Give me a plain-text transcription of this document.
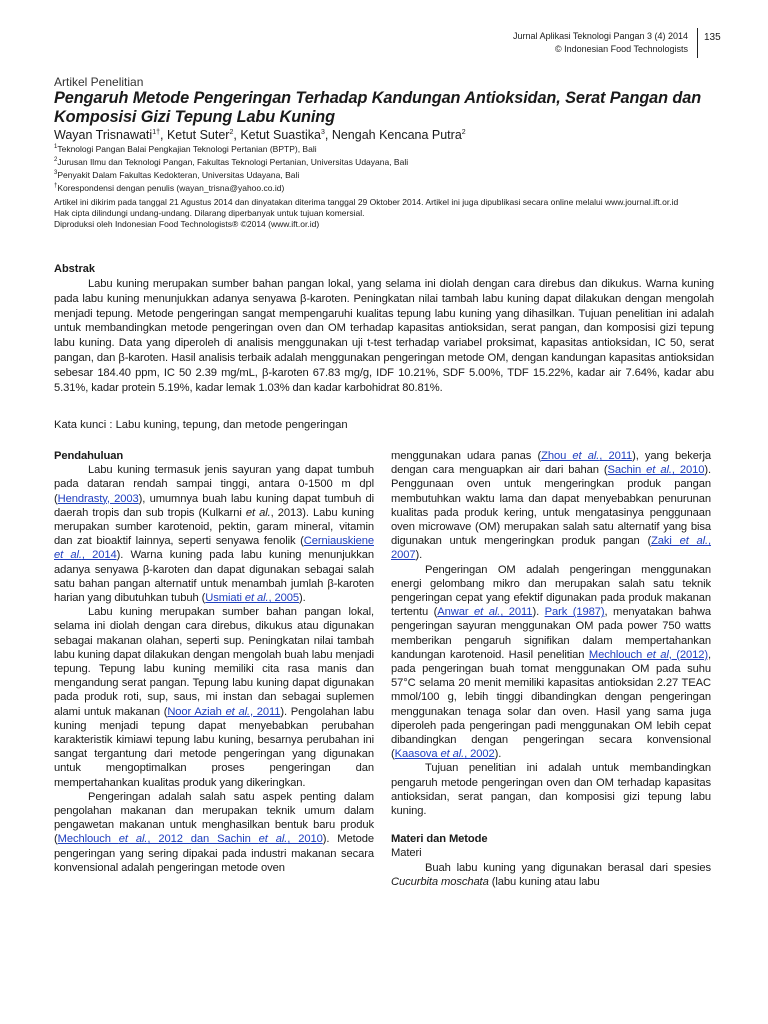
Jurnal Aplikasi Teknologi Pangan 3 (4) 2014
© Indonesian Food Technologists
135
Artikel Penelitian
Pengaruh Metode Pengeringan Terhadap Kandungan Antioksidan, Serat Pangan dan Komposisi Gizi Tepung Labu Kuning
Wayan Trisnawati$^{1\dagger}$, Ketut Suter$^2$, Ketut Suastika$^3$, Nengah Kencana Putra$^2$
$^1$Teknologi Pangan Balai Pengkajian Teknologi Pertanian (BPTP), Bali
$^2$Jurusan Ilmu dan Teknologi Pangan, Fakultas Teknologi Pertanian, Universitas Udayana, Bali
$^3$Penyakit Dalam Fakultas Kedokteran, Universitas Udayana, Bali
†Korespondensi dengan penulis (wayan_trisna@yahoo.co.id)
Artikel ini dikirim pada tanggal 21 Agustus 2014 dan dinyatakan diterima tanggal 29 Oktober 2014. Artikel ini juga dipublikasi secara online melalui www.journal.ift.or.id
Hak cipta dilindungi undang-undang. Dilarang diperbanyak untuk tujuan komersial.
Diproduksi oleh Indonesian Food Technologists® ©2014 (www.ift.or.id)
Abstrak
Labu kuning merupakan sumber bahan pangan lokal, yang selama ini diolah dengan cara direbus dan dikukus. Warna kuning pada labu kuning menunjukkan adanya senyawa β-karoten. Peningkatan nilai tambah labu kuning dapat dilakukan dengan mengolah menjadi tepung. Metode pengeringan sangat mempengaruhi kualitas tepung labu kuning yang dihasilkan. Tujuan penelitian ini adalah untuk membandingkan metode pengeringan oven dan OM terhadap kapasitas antioksidan, serat pangan, dan komposisi gizi tepung labu kuning. Data yang diperoleh di analisis menggunakan uji t-test terhadap variabel proksimat, kapasitas antioksidan, IC 50, serat pangan, dan β-karoten. Hasil analisis terbaik adalah menggunakan pengeringan metode OM, dengan kandungan kapasitas antioksidan sebesar 184.40 ppm, IC 50 2.39 mg/mL, β-karoten 67.83 mg/g, IDF 10.21%, SDF 5.00%, TDF 15.22%, kadar air 7.64%, kadar abu 5.31%, kadar protein 5.19%, kadar lemak 1.03% dan kadar karbohidrat 80.81%.
Kata kunci : Labu kuning, tepung, dan metode pengeringan
Pendahuluan

Labu kuning termasuk jenis sayuran yang dapat tumbuh pada dataran rendah sampai tinggi, antara 0-1500 m dpl (Hendrasty, 2003), umumnya buah labu kuning dapat tumbuh di daerah tropis dan sub tropis (Kulkarni et al., 2013). Labu kuning merupakan sumber karotenoid, pektin, garam mineral, vitamin dan zat bioaktif lainnya, seperti senyawa fenolik (Cerniauskiene et al., 2014). Warna kuning pada labu kuning menunjukkan adanya senyawa β-karoten dan dapat digunakan sebagai salah satu bahan pangan alternatif untuk menambah jumlah β-karoten harian yang dibutuhkan tubuh (Usmiati et al., 2005).

Labu kuning merupakan sumber bahan pangan lokal, selama ini diolah dengan cara direbus, dikukus atau digunakan sebagai makanan olahan, seperti sup. Peningkatan nilai tambah labu kuning dapat dilakukan dengan mengolah buah labu menjadi tepung. Tepung labu kuning memiliki cita rasa manis dan mengandung serat pangan. Tepung labu kuning dapat digunakan pada produk roti, sup, saus, mi instan dan sebagai suplemen alami untuk makanan (Noor Aziah et al., 2011). Pengolahan labu kuning menjadi tepung dapat menyebabkan perubahan karakteristik kimiawi tepung labu kuning, besarnya perubahan ini sangat tergantung dari metode pengeringan yang digunakan untuk mengoptimalkan proses pengeringan dan mempertahankan kualitas produk yang dikeringkan.

Pengeringan adalah salah satu aspek penting dalam pengolahan makanan dan merupakan teknik umum dalam pengawetan makanan untuk menghasilkan bentuk baru produk (Mechlouch et al., 2012 dan Sachin et al., 2010). Metode pengeringan yang sering dipakai pada industri makanan secara konvensional adalah pengeringan metode oven

menggunakan udara panas (Zhou et al., 2011), yang bekerja dengan cara menguapkan air dari bahan (Sachin et al., 2010). Penggunaan oven untuk mengeringkan produk pangan membutuhkan waktu lama dan dapat menyebabkan penurunan kualitas pada produk kering, untuk mengatasinya penggunaan oven microwave (OM) merupakan salah satu alternatif yang bisa digunakan untuk mengeringkan produk pangan (Zaki et al., 2007).

Pengeringan OM adalah pengeringan menggunakan energi gelombang mikro dan merupakan salah satu teknik pengeringan cepat yang efektif digunakan pada produk makanan tertentu (Anwar et al., 2011). Park (1987), menyatakan bahwa pengeringan sayuran menggunakan OM pada power 750 watts memberikan pengaruh signifikan dalam mempertahankan kandungan karotenoid. Hasil penelitian Mechlouch et al, (2012), pada pengeringan buah tomat menggunakan OM pada suhu 57°C selama 20 menit memiliki kapasitas antioksidan 2.27 TEAC mmol/100 g, lebih tinggi dibandingkan dengan pengeringan menggunakan tenaga solar dan oven. Hasil yang sama juga diperoleh pada pengeringan padi menggunakan OM lebih cepat dibandingkan dengan pengeringan secara konvensional (Kaasova et al., 2002).

Tujuan penelitian ini adalah untuk membandingkan pengaruh metode pengeringan oven dan OM terhadap kapasitas antioksidan, serat pangan, dan komposisi gizi tepung labu kuning.

Materi dan Metode
Materi

Buah labu kuning yang digunakan berasal dari spesies Cucurbita moschata (labu kuning atau labu
